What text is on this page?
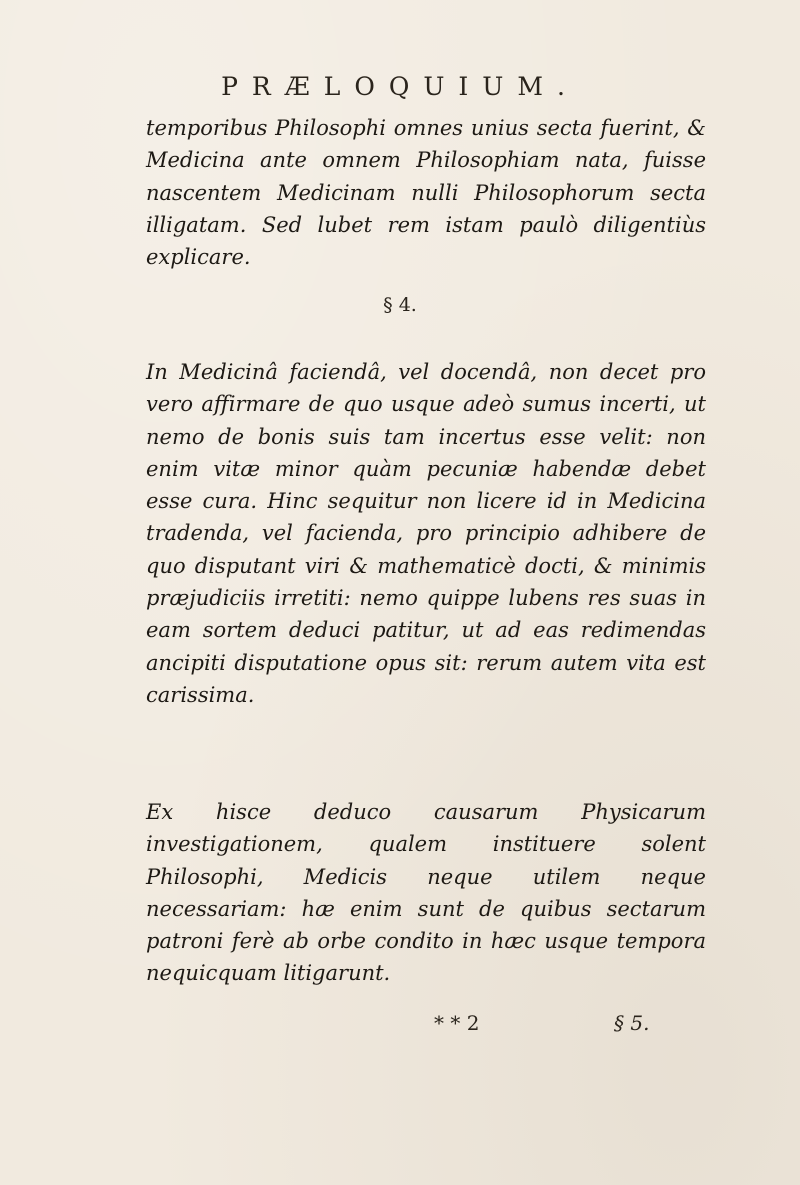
PRÆLOQUIUM.

temporibus Philosophi omnes unius secta fuerint, & Medicina ante omnem Philosophiam nata, fuisse nascentem Medicinam nulli Philosophorum secta illigatam. Sed lubet rem istam paulò diligentiùs explicare.

§ 4.

In Medicinâ faciendâ, vel docendâ, non decet pro vero affirmare de quo usque adeò sumus incerti, ut nemo de bonis suis tam incertus esse velit: non enim vitæ minor quàm pecuniæ habendæ debet esse cura. Hinc sequitur non licere id in Medicina tradenda, vel facienda, pro principio adhibere de quo disputant viri & mathematicè docti, & minimis præjudiciis irretiti: nemo quippe lubens res suas in eam sortem deduci patitur, ut ad eas redimendas ancipiti disputatione opus sit: rerum autem vita est carissima.

Ex hisce deduco causarum Physicarum investigationem, qualem instituere solent Philosophi, Medicis neque utilem neque necessariam: hæ enim sunt de quibus sectarum patroni ferè ab orbe condito in hæc usque tempora nequicquam litigarunt.

* * 2	§ 5.
